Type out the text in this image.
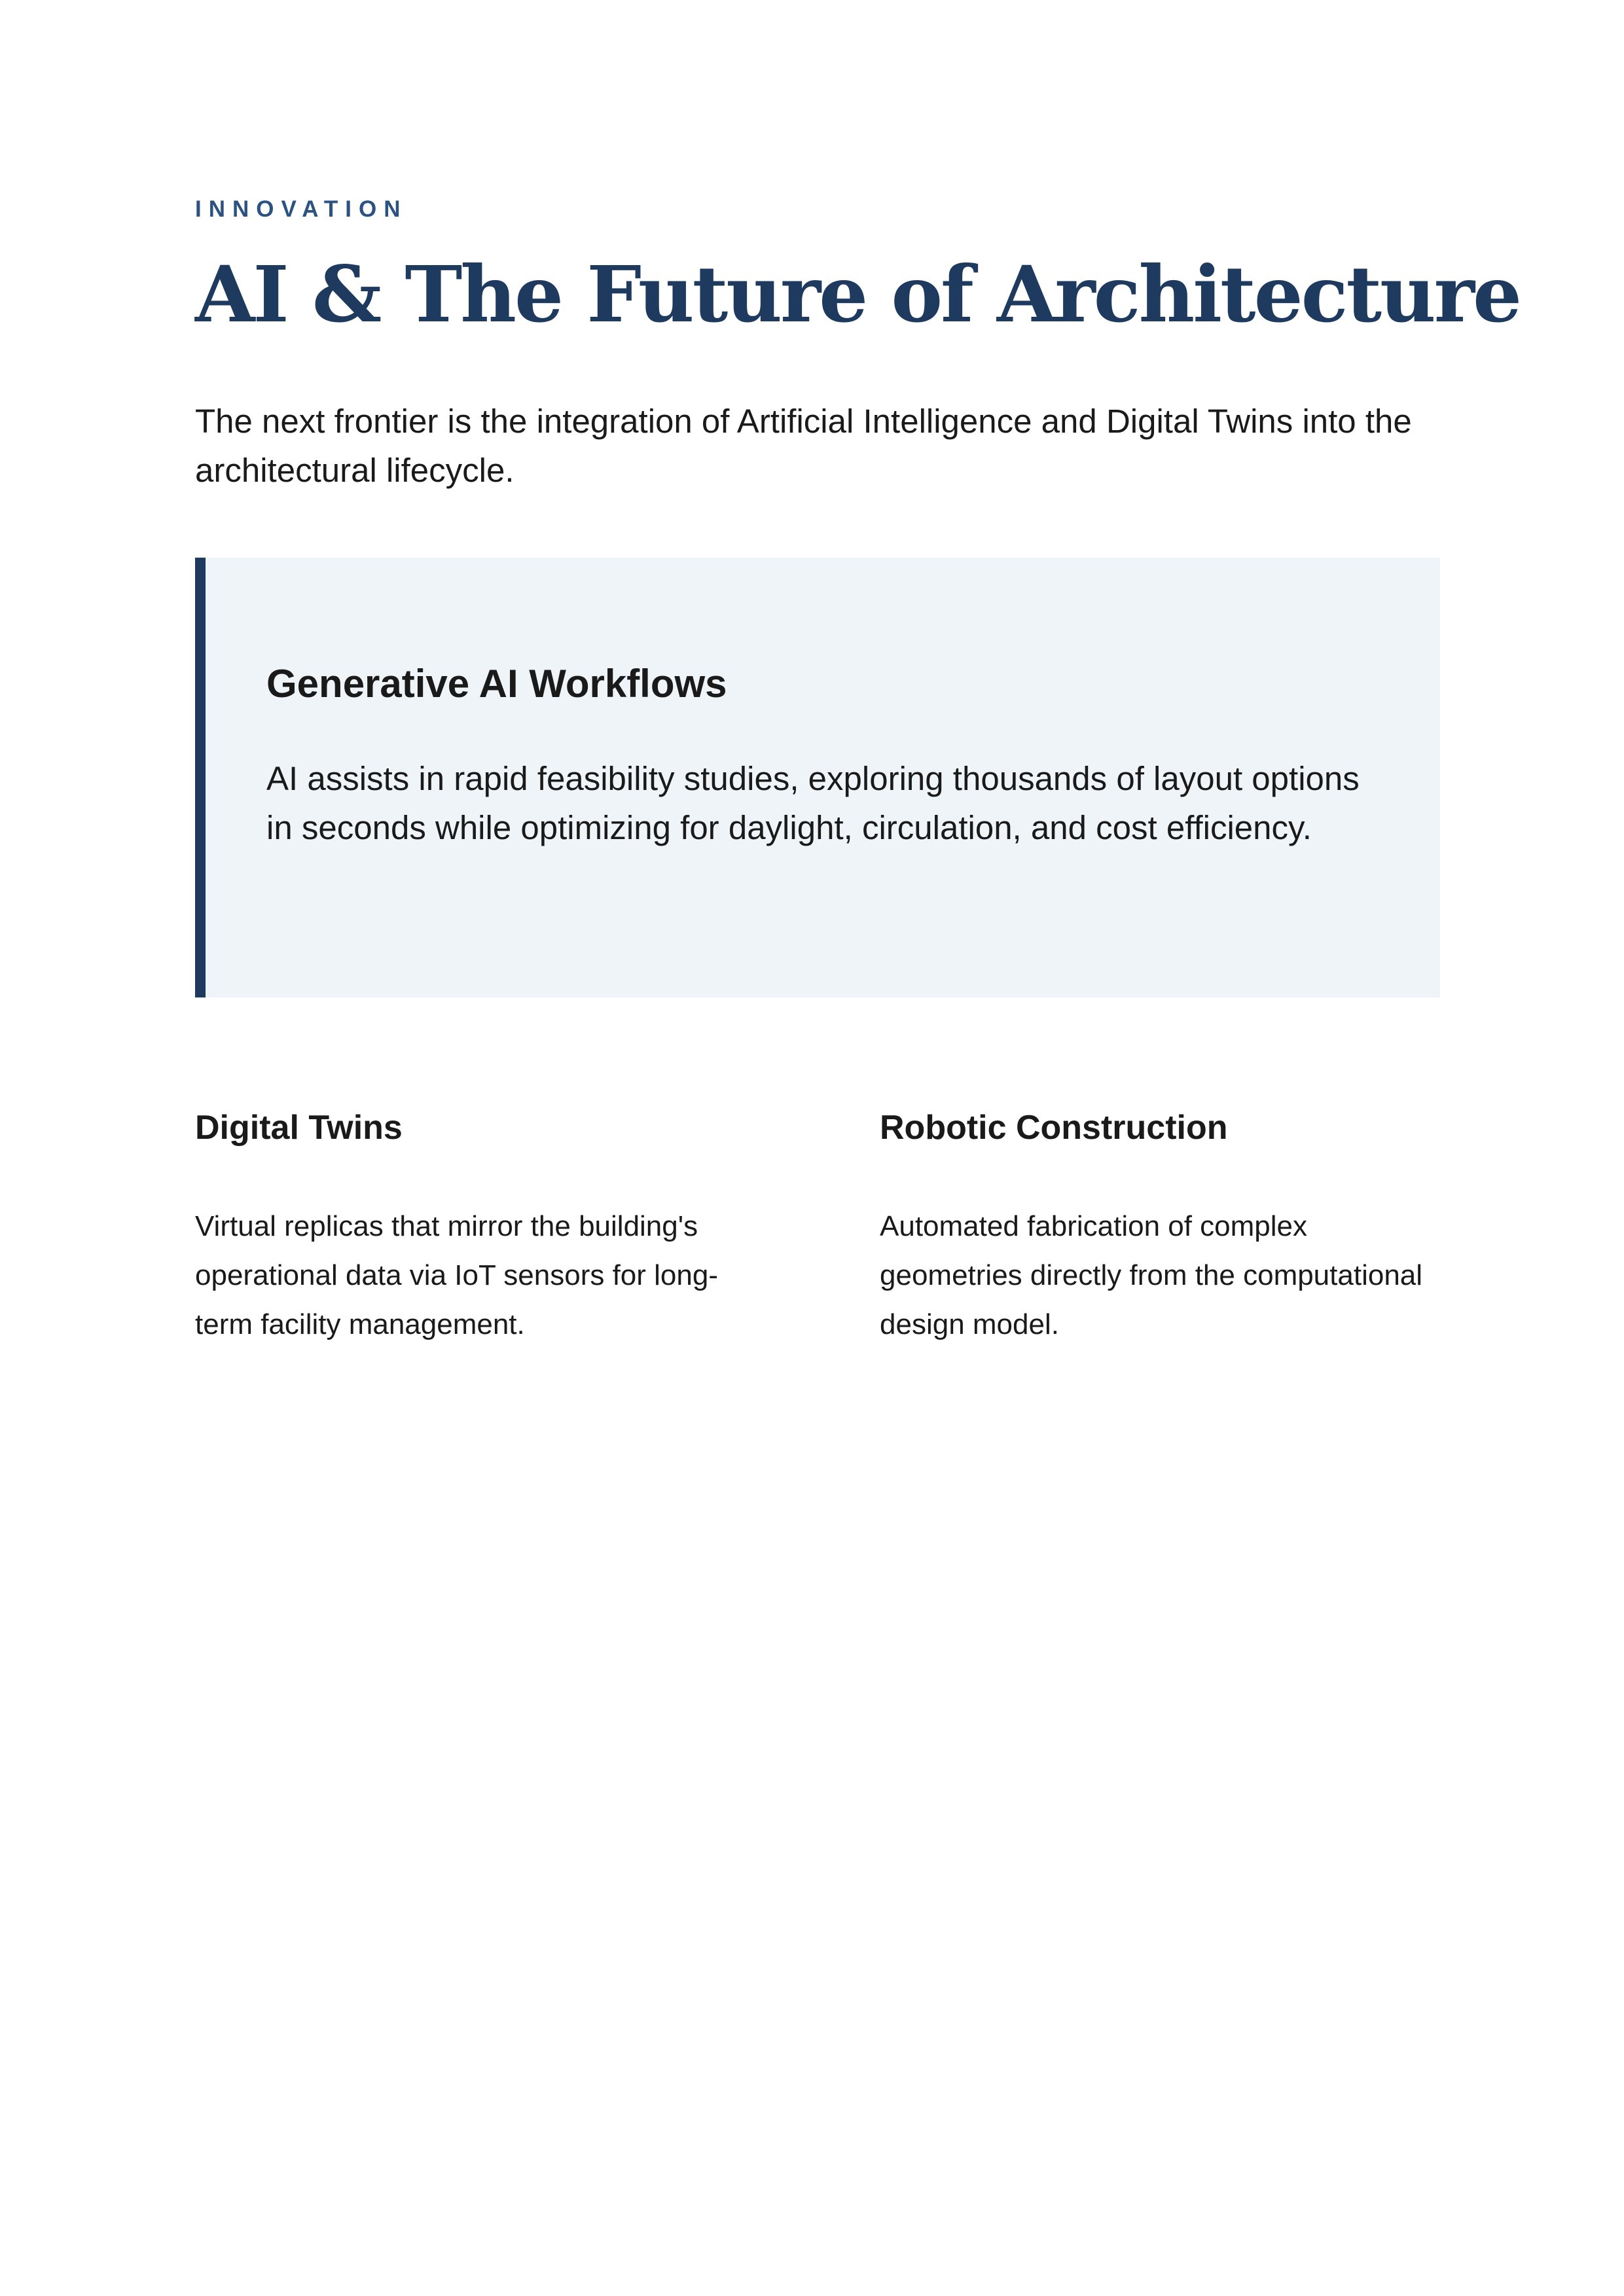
INNOVATION
AI & The Future of Architecture

The next frontier is the integration of Artificial Intelligence and Digital Twins into the architectural lifecycle.

Generative AI Workflows

AI assists in rapid feasibility studies, exploring thousands of layout options in seconds while optimizing for daylight, circulation, and cost efficiency.

Digital Twins

Virtual replicas that mirror the building's operational data via IoT sensors for long-term facility management.

Robotic Construction

Automated fabrication of complex geometries directly from the computational design model.
